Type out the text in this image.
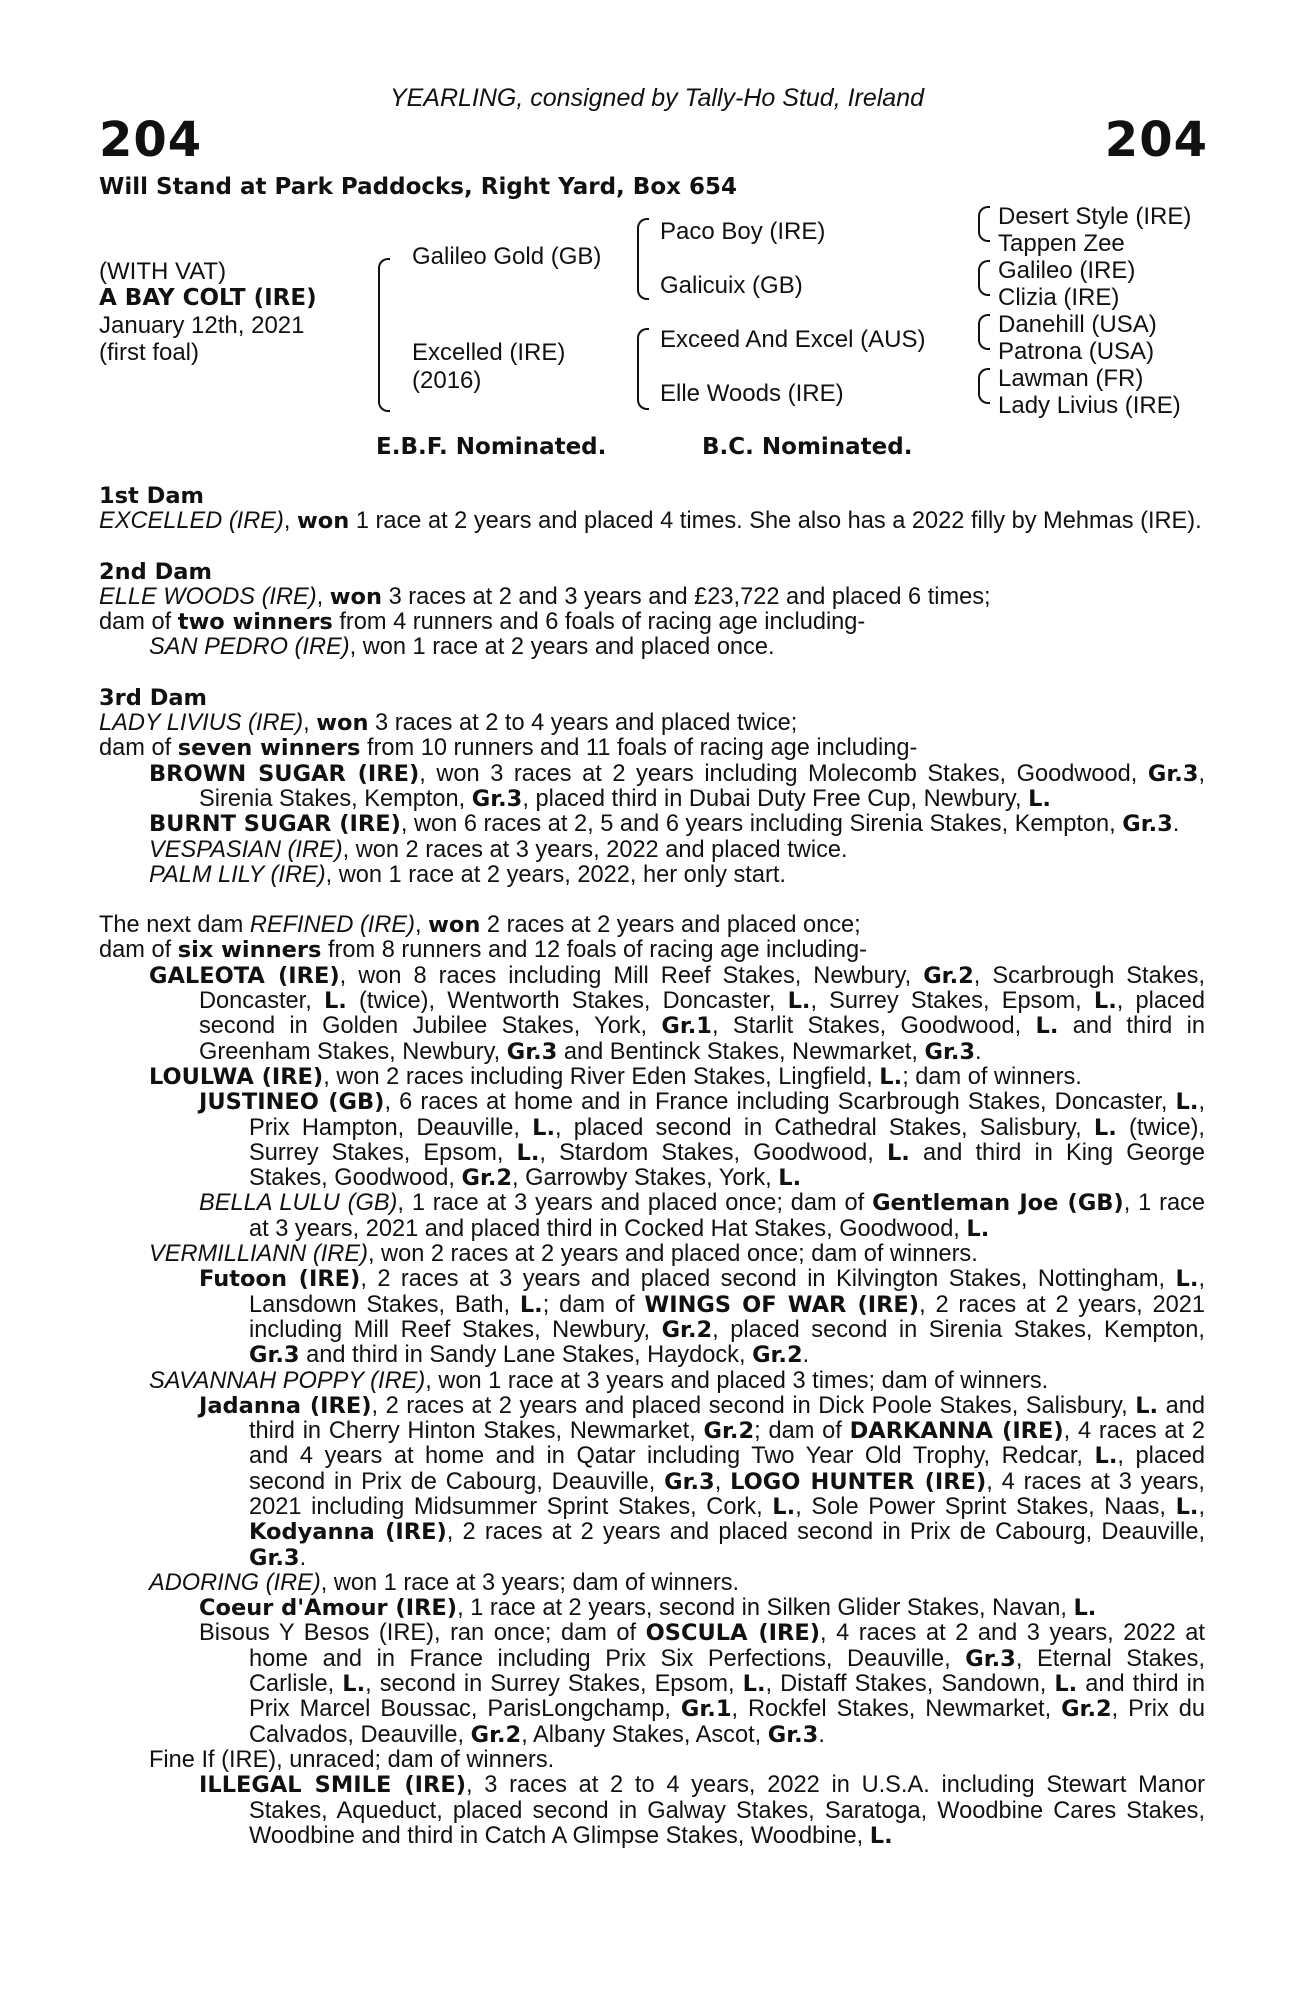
YEARLING, consigned by Tally-Ho Stud, Ireland
204	204
Will Stand at Park Paddocks, Right Yard, Box 654
(WITH VAT)
A BAY COLT (IRE)
January 12th, 2021
(first foal)
Galileo Gold (GB)
Excelled (IRE)
(2016)
Paco Boy (IRE)
Galicuix (GB)
Exceed And Excel (AUS)
Elle Woods (IRE)
Desert Style (IRE)
Tappen Zee
Galileo (IRE)
Clizia (IRE)
Danehill (USA)
Patrona (USA)
Lawman (FR)
Lady Livius (IRE)
E.B.F. Nominated.	B.C. Nominated.

1st Dam

EXCELLED (IRE), won 1 race at 2 years and placed 4 times. She also has a 2022 filly by Mehmas (IRE).

2nd Dam

ELLE WOODS (IRE), won 3 races at 2 and 3 years and £23,722 and placed 6 times;

dam of two winners from 4 runners and 6 foals of racing age including-

SAN PEDRO (IRE), won 1 race at 2 years and placed once.

3rd Dam

LADY LIVIUS (IRE), won 3 races at 2 to 4 years and placed twice;

dam of seven winners from 10 runners and 11 foals of racing age including-

BROWN SUGAR (IRE), won 3 races at 2 years including Molecomb Stakes, Goodwood, Gr.3, Sirenia Stakes, Kempton, Gr.3, placed third in Dubai Duty Free Cup, Newbury, L.

BURNT SUGAR (IRE), won 6 races at 2, 5 and 6 years including Sirenia Stakes, Kempton, Gr.3.

VESPASIAN (IRE), won 2 races at 3 years, 2022 and placed twice.

PALM LILY (IRE), won 1 race at 2 years, 2022, her only start.

The next dam REFINED (IRE), won 2 races at 2 years and placed once;

dam of six winners from 8 runners and 12 foals of racing age including-

GALEOTA (IRE), won 8 races including Mill Reef Stakes, Newbury, Gr.2, Scarbrough Stakes, Doncaster, L. (twice), Wentworth Stakes, Doncaster, L., Surrey Stakes, Epsom, L., placed second in Golden Jubilee Stakes, York, Gr.1, Starlit Stakes, Goodwood, L. and third in Greenham Stakes, Newbury, Gr.3 and Bentinck Stakes, Newmarket, Gr.3.

LOULWA (IRE), won 2 races including River Eden Stakes, Lingfield, L.; dam of winners.

JUSTINEO (GB), 6 races at home and in France including Scarbrough Stakes, Doncaster, L., Prix Hampton, Deauville, L., placed second in Cathedral Stakes, Salisbury, L. (twice), Surrey Stakes, Epsom, L., Stardom Stakes, Goodwood, L. and third in King George Stakes, Goodwood, Gr.2, Garrowby Stakes, York, L.

BELLA LULU (GB), 1 race at 3 years and placed once; dam of Gentleman Joe (GB), 1 race at 3 years, 2021 and placed third in Cocked Hat Stakes, Goodwood, L.

VERMILLIANN (IRE), won 2 races at 2 years and placed once; dam of winners.

Futoon (IRE), 2 races at 3 years and placed second in Kilvington Stakes, Nottingham, L., Lansdown Stakes, Bath, L.; dam of WINGS OF WAR (IRE), 2 races at 2 years, 2021 including Mill Reef Stakes, Newbury, Gr.2, placed second in Sirenia Stakes, Kempton, Gr.3 and third in Sandy Lane Stakes, Haydock, Gr.2.

SAVANNAH POPPY (IRE), won 1 race at 3 years and placed 3 times; dam of winners.

Jadanna (IRE), 2 races at 2 years and placed second in Dick Poole Stakes, Salisbury, L. and third in Cherry Hinton Stakes, Newmarket, Gr.2; dam of DARKANNA (IRE), 4 races at 2 and 4 years at home and in Qatar including Two Year Old Trophy, Redcar, L., placed second in Prix de Cabourg, Deauville, Gr.3, LOGO HUNTER (IRE), 4 races at 3 years, 2021 including Midsummer Sprint Stakes, Cork, L., Sole Power Sprint Stakes, Naas, L., Kodyanna (IRE), 2 races at 2 years and placed second in Prix de Cabourg, Deauville, Gr.3.

ADORING (IRE), won 1 race at 3 years; dam of winners.

Coeur d'Amour (IRE), 1 race at 2 years, second in Silken Glider Stakes, Navan, L.

Bisous Y Besos (IRE), ran once; dam of OSCULA (IRE), 4 races at 2 and 3 years, 2022 at home and in France including Prix Six Perfections, Deauville, Gr.3, Eternal Stakes, Carlisle, L., second in Surrey Stakes, Epsom, L., Distaff Stakes, Sandown, L. and third in Prix Marcel Boussac, ParisLongchamp, Gr.1, Rockfel Stakes, Newmarket, Gr.2, Prix du Calvados, Deauville, Gr.2, Albany Stakes, Ascot, Gr.3.

Fine If (IRE), unraced; dam of winners.

ILLEGAL SMILE (IRE), 3 races at 2 to 4 years, 2022 in U.S.A. including Stewart Manor Stakes, Aqueduct, placed second in Galway Stakes, Saratoga, Woodbine Cares Stakes, Woodbine and third in Catch A Glimpse Stakes, Woodbine, L.
